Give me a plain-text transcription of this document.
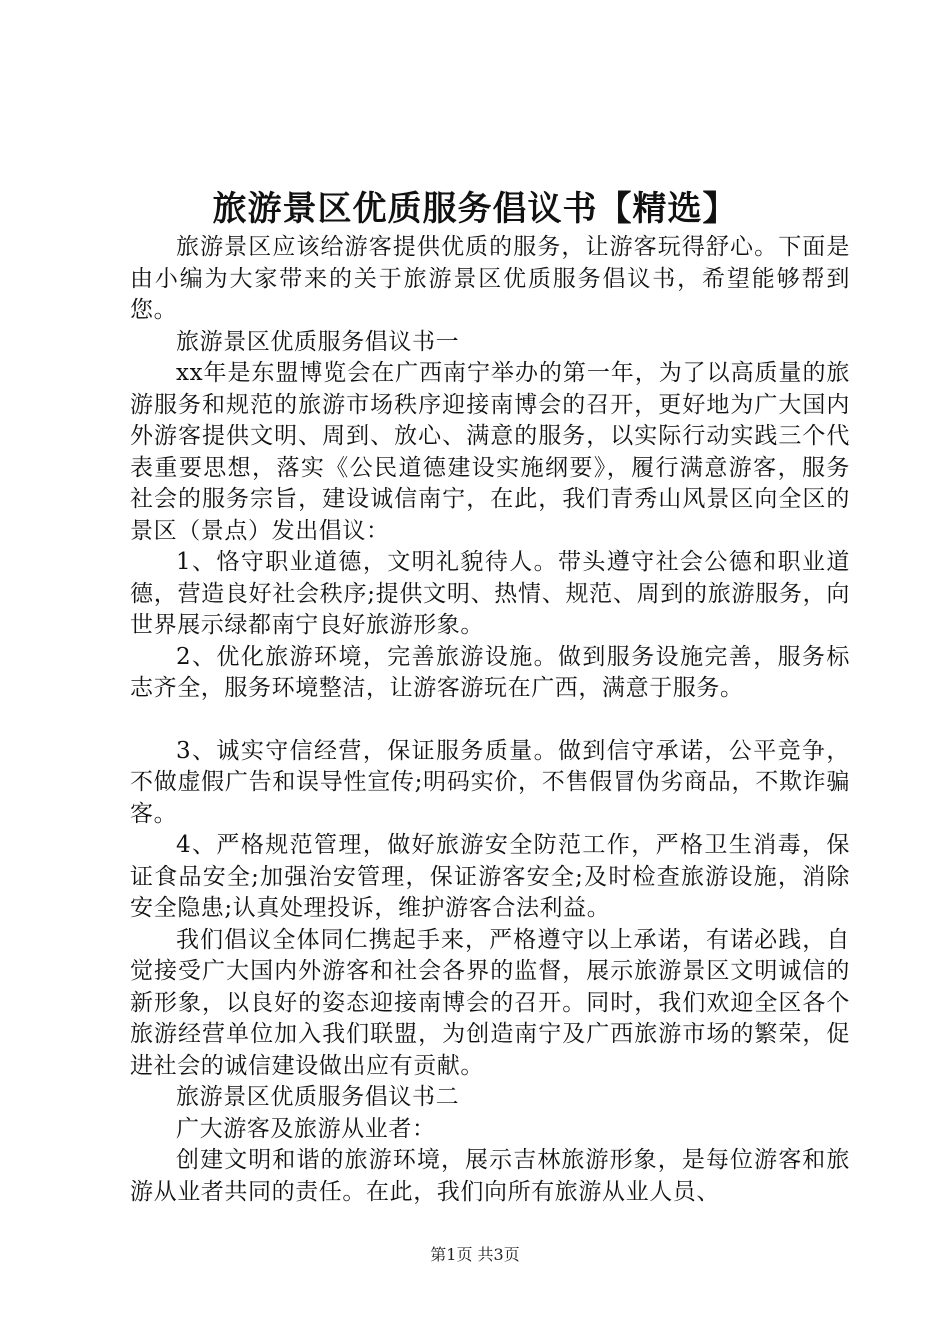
旅游景区优质服务倡议书【精选】

旅游景区应该给游客提供优质的服务，让游客玩得舒心。下面是由小编为大家带来的关于旅游景区优质服务倡议书，希望能够帮到您。

旅游景区优质服务倡议书一

xx年是东盟博览会在广西南宁举办的第一年，为了以高质量的旅游服务和规范的旅游市场秩序迎接南博会的召开，更好地为广大国内外游客提供文明、周到、放心、满意的服务，以实际行动实践三个代表重要思想，落实《公民道德建设实施纲要》，履行满意游客，服务社会的服务宗旨，建设诚信南宁，在此，我们青秀山风景区向全区的景区（景点）发出倡议：

1、恪守职业道德，文明礼貌待人。带头遵守社会公德和职业道德，营造良好社会秩序;提供文明、热情、规范、周到的旅游服务，向世界展示绿都南宁良好旅游形象。

2、优化旅游环境，完善旅游设施。做到服务设施完善，服务标志齐全，服务环境整洁，让游客游玩在广西，满意于服务。

3、诚实守信经营，保证服务质量。做到信守承诺，公平竞争，不做虚假广告和误导性宣传;明码实价，不售假冒伪劣商品，不欺诈骗客。

4、严格规范管理，做好旅游安全防范工作，严格卫生消毒，保证食品安全;加强治安管理，保证游客安全;及时检查旅游设施，消除安全隐患;认真处理投诉，维护游客合法利益。

我们倡议全体同仁携起手来，严格遵守以上承诺，有诺必践，自觉接受广大国内外游客和社会各界的监督，展示旅游景区文明诚信的新形象，以良好的姿态迎接南博会的召开。同时，我们欢迎全区各个旅游经营单位加入我们联盟，为创造南宁及广西旅游市场的繁荣，促进社会的诚信建设做出应有贡献。

旅游景区优质服务倡议书二

广大游客及旅游从业者：

创建文明和谐的旅游环境，展示吉林旅游形象，是每位游客和旅游从业者共同的责任。在此，我们向所有旅游从业人员、

第1页 共3页
